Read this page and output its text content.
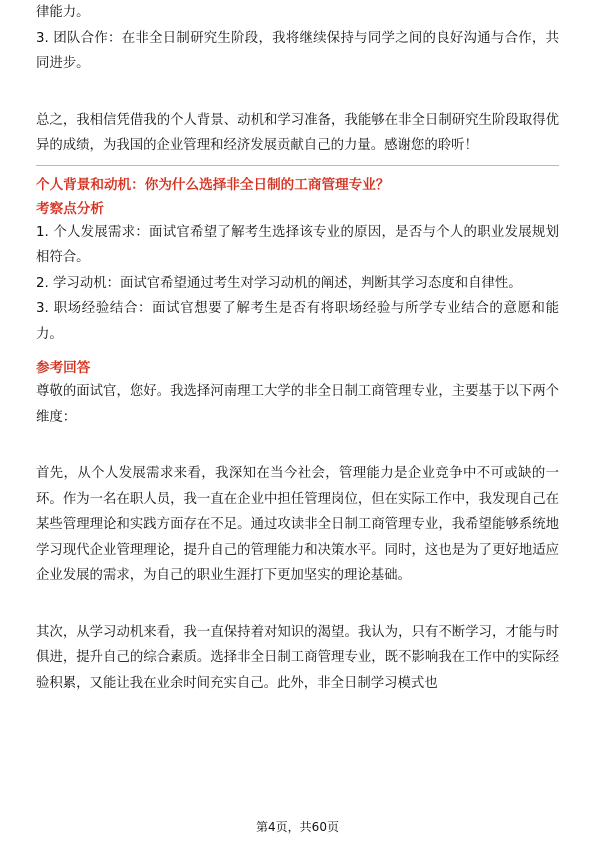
律能力。

3. 团队合作：在非全日制研究生阶段，我将继续保持与同学之间的良好沟通与合作，共同进步。

总之，我相信凭借我的个人背景、动机和学习准备，我能够在非全日制研究生阶段取得优异的成绩，为我国的企业管理和经济发展贡献自己的力量。感谢您的聆听！

个人背景和动机：你为什么选择非全日制的工商管理专业？

考察点分析

1. 个人发展需求：面试官希望了解考生选择该专业的原因，是否与个人的职业发展规划相符合。

2. 学习动机：面试官希望通过考生对学习动机的阐述，判断其学习态度和自律性。

3. 职场经验结合：面试官想要了解考生是否有将职场经验与所学专业结合的意愿和能力。

参考回答

尊敬的面试官，您好。我选择河南理工大学的非全日制工商管理专业，主要基于以下两个维度：

首先，从个人发展需求来看，我深知在当今社会，管理能力是企业竞争中不可或缺的一环。作为一名在职人员，我一直在企业中担任管理岗位，但在实际工作中，我发现自己在某些管理理论和实践方面存在不足。通过攻读非全日制工商管理专业，我希望能够系统地学习现代企业管理理论，提升自己的管理能力和决策水平。同时，这也是为了更好地适应企业发展的需求，为自己的职业生涯打下更加坚实的理论基础。

其次，从学习动机来看，我一直保持着对知识的渴望。我认为，只有不断学习，才能与时俱进，提升自己的综合素质。选择非全日制工商管理专业，既不影响我在工作中的实际经验积累，又能让我在业余时间充实自己。此外，非全日制学习模式也

第4页，共60页
